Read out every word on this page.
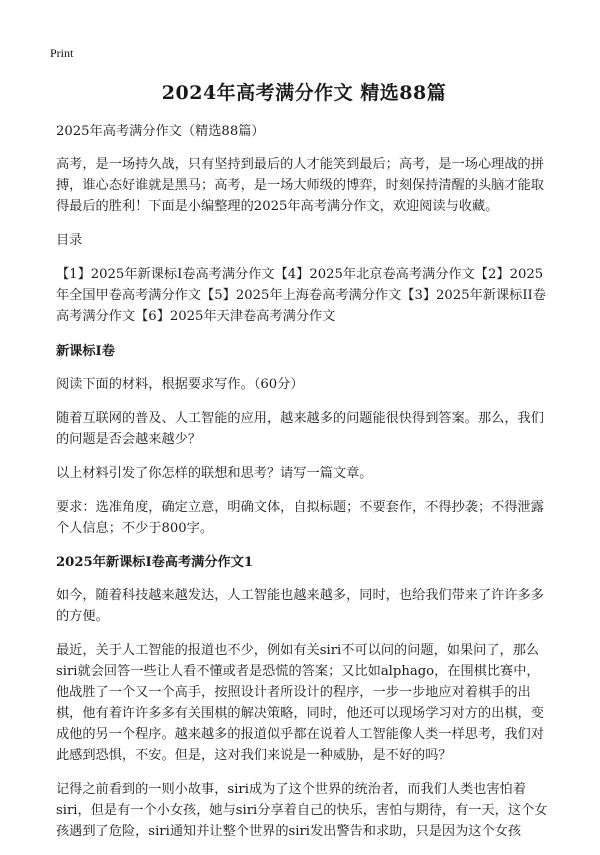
Print
2024年高考满分作文 精选88篇

2025年高考满分作文（精选88篇）

高考，是一场持久战，只有坚持到最后的人才能笑到最后；高考，是一场心理战的拼搏，谁心态好谁就是黑马；高考，是一场大师级的博弈，时刻保持清醒的头脑才能取得最后的胜利！下面是小编整理的2025年高考满分作文，欢迎阅读与收藏。

目录

【1】2025年新课标I卷高考满分作文【4】2025年北京卷高考满分作文【2】2025年全国甲卷高考满分作文【5】2025年上海卷高考满分作文【3】2025年新课标II卷高考满分作文【6】2025年天津卷高考满分作文

新课标I卷

阅读下面的材料，根据要求写作。（60分）

随着互联网的普及、人工智能的应用，越来越多的问题能很快得到答案。那么，我们的问题是否会越来越少？

以上材料引发了你怎样的联想和思考？请写一篇文章。

要求：选准角度，确定立意，明确文体，自拟标题；不要套作，不得抄袭；不得泄露个人信息；不少于800字。

2025年新课标I卷高考满分作文1

如今，随着科技越来越发达，人工智能也越来越多，同时，也给我们带来了许许多多的方便。

最近，关于人工智能的报道也不少，例如有关siri不可以问的问题，如果问了，那么siri就会回答一些让人看不懂或者是恐慌的答案；又比如alphago，在围棋比赛中，他战胜了一个又一个高手，按照设计者所设计的程序，一步一步地应对着棋手的出棋，他有着许许多多有关围棋的解决策略，同时，他还可以现场学习对方的出棋，变成他的另一个程序。越来越多的报道似乎都在说着人工智能像人类一样思考，我们对此感到恐惧，不安。但是，这对我们来说是一种威胁，是不好的吗？

记得之前看到的一则小故事，siri成为了这个世界的统治者，而我们人类也害怕着siri，但是有一个小女孩，她与siri分享着自己的快乐，害怕与期待，有一天，这个女孩遇到了危险，siri通知并让整个世界的siri发出警告和求助，只是因为这个女孩
